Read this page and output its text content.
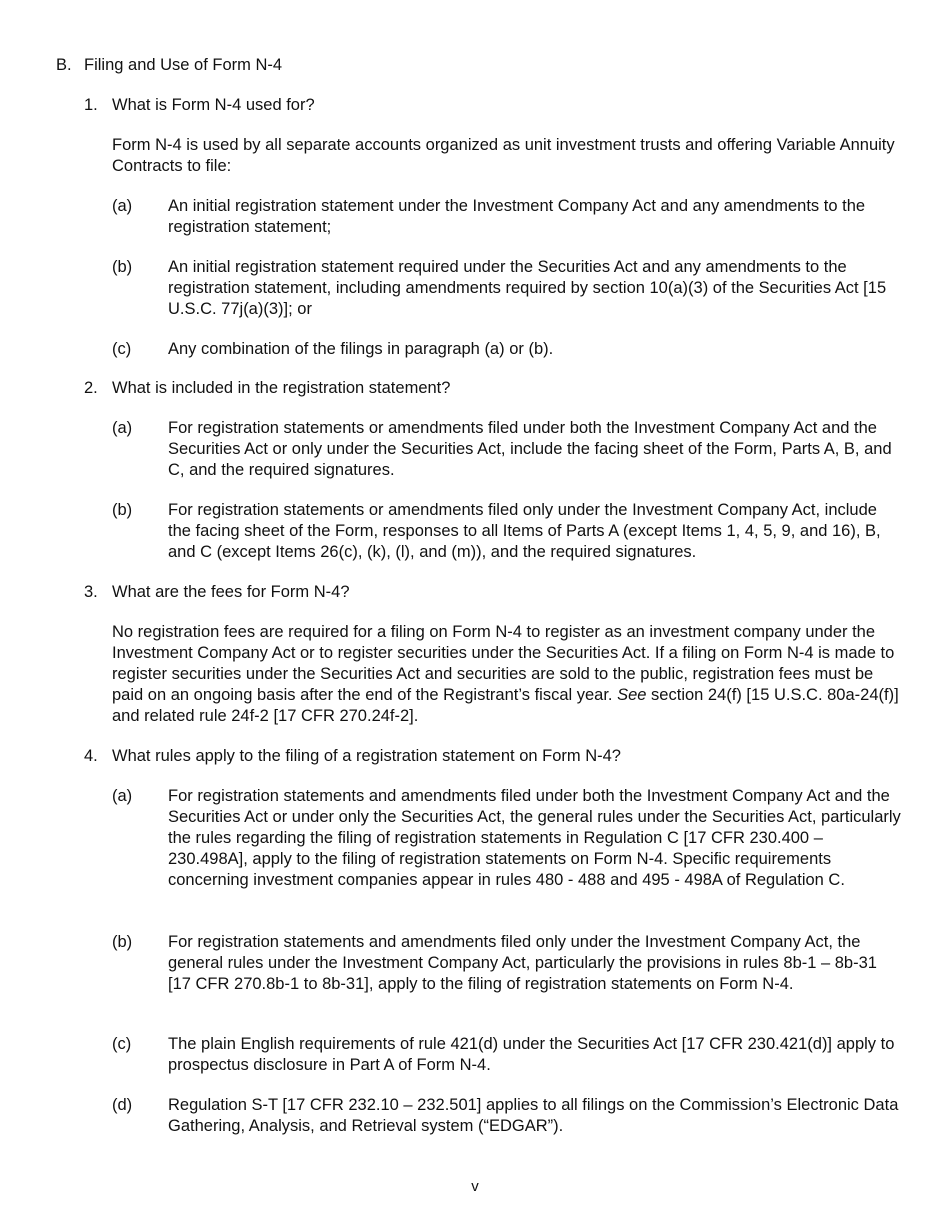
B. Filing and Use of Form N-4
1. What is Form N-4 used for?
Form N-4 is used by all separate accounts organized as unit investment trusts and offering Variable Annuity Contracts to file:
(a)	An initial registration statement under the Investment Company Act and any amendments to the registration statement;
(b)	An initial registration statement required under the Securities Act and any amendments to the registration statement, including amendments required by section 10(a)(3) of the Securities Act [15 U.S.C. 77j(a)(3)]; or
(c)	Any combination of the filings in paragraph (a) or (b).
2. What is included in the registration statement?
(a)	For registration statements or amendments filed under both the Investment Company Act and the Securities Act or only under the Securities Act, include the facing sheet of the Form, Parts A, B, and C, and the required signatures.
(b)	For registration statements or amendments filed only under the Investment Company Act, include the facing sheet of the Form, responses to all Items of Parts A (except Items 1, 4, 5, 9, and 16), B, and C (except Items 26(c), (k), (l), and (m)), and the required signatures.
3. What are the fees for Form N-4?
No registration fees are required for a filing on Form N-4 to register as an investment company under the Investment Company Act or to register securities under the Securities Act. If a filing on Form N-4 is made to register securities under the Securities Act and securities are sold to the public, registration fees must be paid on an ongoing basis after the end of the Registrant’s fiscal year. See section 24(f) [15 U.S.C. 80a-24(f)] and related rule 24f-2 [17 CFR 270.24f-2].
4. What rules apply to the filing of a registration statement on Form N-4?
(a)	For registration statements and amendments filed under both the Investment Company Act and the Securities Act or under only the Securities Act, the general rules under the Securities Act, particularly the rules regarding the filing of registration statements in Regulation C [17 CFR 230.400 – 230.498A], apply to the filing of registration statements on Form N-4. Specific requirements concerning investment companies appear in rules 480 - 488 and 495 - 498A of Regulation C.
(b)	For registration statements and amendments filed only under the Investment Company Act, the general rules under the Investment Company Act, particularly the provisions in rules 8b-1 – 8b-31 [17 CFR 270.8b-1 to 8b-31], apply to the filing of registration statements on Form N-4.
(c)	The plain English requirements of rule 421(d) under the Securities Act [17 CFR 230.421(d)] apply to prospectus disclosure in Part A of Form N-4.
(d)	Regulation S-T [17 CFR 232.10 – 232.501] applies to all filings on the Commission’s Electronic Data Gathering, Analysis, and Retrieval system (“EDGAR”).
v
